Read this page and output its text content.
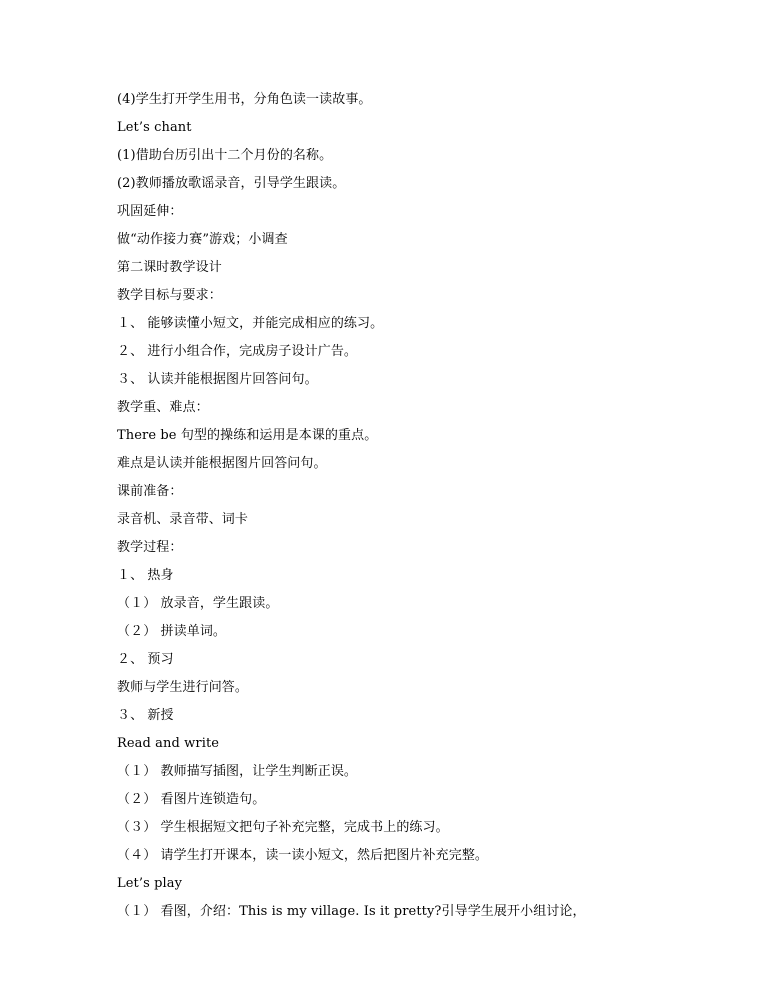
(4)学生打开学生用书，分角色读一读故事。
Let’s chant
(1)借助台历引出十二个月份的名称。
(2)教师播放歌谣录音，引导学生跟读。
巩固延伸：
做“动作接力赛”游戏；小调查
第二课时教学设计
教学目标与要求：
１、 能够读懂小短文，并能完成相应的练习。
２、 进行小组合作，完成房子设计广告。
３、 认读并能根据图片回答问句。
教学重、难点：
There be 句型的操练和运用是本课的重点。
难点是认读并能根据图片回答问句。
课前准备：
录音机、录音带、词卡
教学过程：
１、 热身
（１） 放录音，学生跟读。
（２） 拼读单词。
２、 预习
教师与学生进行问答。
３、 新授
Read and write
（１） 教师描写插图，让学生判断正误。
（２） 看图片连锁造句。
（３） 学生根据短文把句子补充完整，完成书上的练习。
（４） 请学生打开课本，读一读小短文，然后把图片补充完整。
Let’s play
（１） 看图，介绍：This is my village. Is it pretty?引导学生展开小组讨论，
